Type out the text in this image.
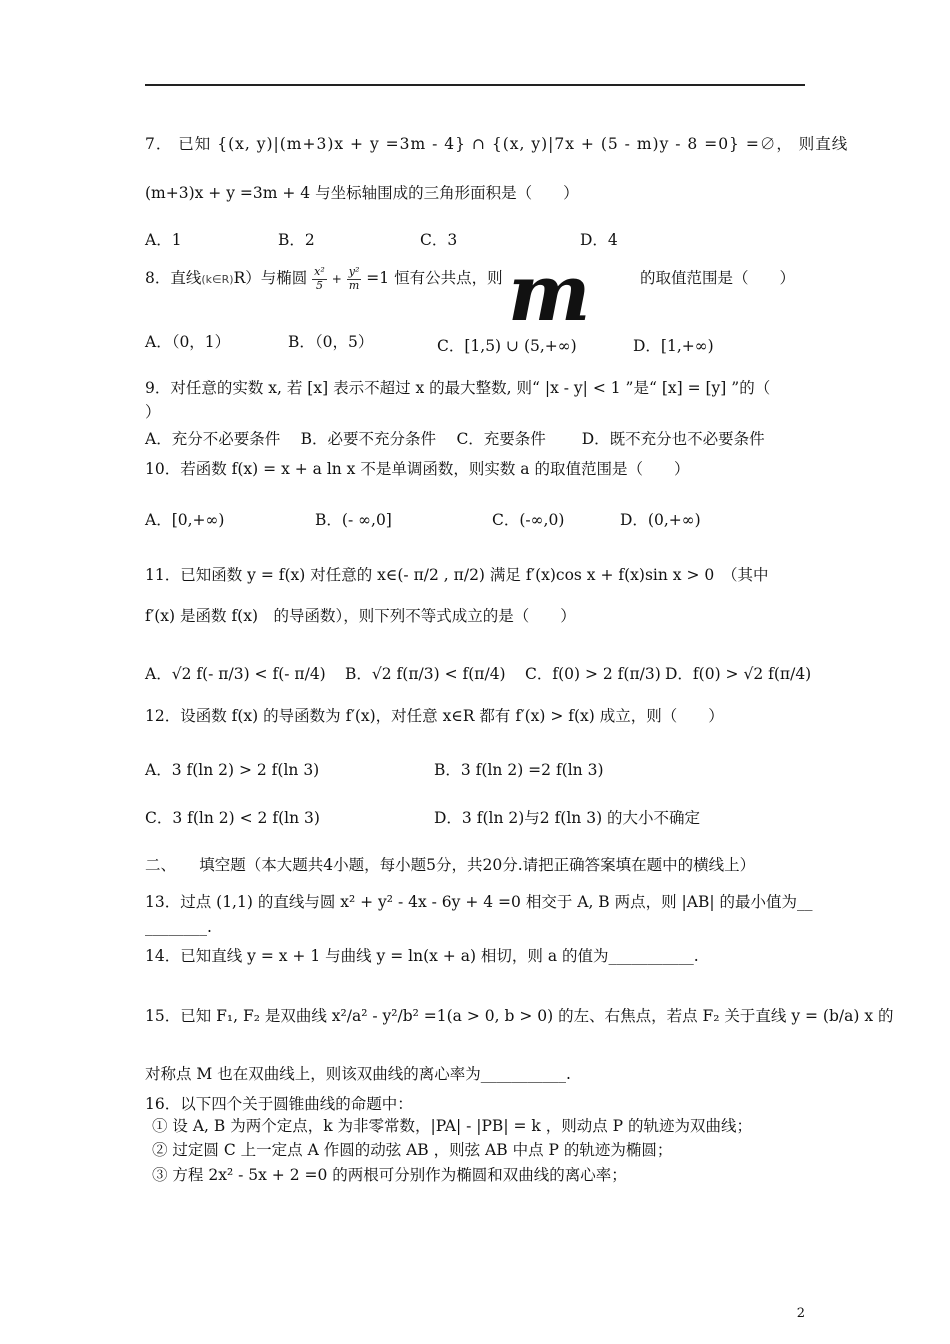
7． 已知 {(x, y)|(m+3)x + y =3m - 4} ∩ {(x, y)|7x + (5 - m)y - 8 =0} =∅， 则直线
(m+3)x + y =3m + 4 与坐标轴围成的三角形面积是（　　）
A．1	B．2	C．3	D．4
8．直线(k∈R)R）与椭圆 $\frac{\text{x²}}{5} + \frac{\text{y²}}{m} =1$ 恒有公共点，则 m	的取值范围是（　　）
A．（0，1）	B．（0，5）	C．[1,5) ∪ (5,+∞)	D．[1,+∞)
9．对任意的实数 x, 若 [x] 表示不超过 x 的最大整数, 则“ |x - y| < 1 ”是“ [x] = [y] ”的（
）
A．充分不必要条件　 B．必要不充分条件　 C．充要条件　　 D．既不充分也不必要条件
10．若函数 f(x) = x + a ln x 不是单调函数，则实数 a 的取值范围是（　　）
A．[0,+∞)	B．(- ∞,0]	C．(-∞,0)	D．(0,+∞)
11．已知函数 y = f(x) 对任意的 x∈(- π/2 , π/2) 满足 f′(x)cos x + f(x)sin x > 0　（其中
f′(x) 是函数 f(x)　的导函数），则下列不等式成立的是（　　）
A．√2 f(- π/3) < f(- π/4) B．√2 f(π/3) < f(π/4) C．f(0) > 2 f(π/3) D．f(0) > √2 f(π/4)
12．设函数 f(x) 的导函数为 f′(x)，对任意 x∈R 都有 f′(x) > f(x) 成立，则（　　）
A．3 f(ln 2) > 2 f(ln 3)	B．3 f(ln 2) =2 f(ln 3)
C．3 f(ln 2) < 2 f(ln 3)	D．3 f(ln 2)与2 f(ln 3) 的大小不确定
二、　　填空题（本大题共4小题，每小题5分，共20分.请把正确答案填在题中的横线上）
13．过点 (1,1) 的直线与圆 x² + y² - 4x - 6y + 4 =0 相交于 A, B 两点，则 |AB| 的最小值为__
________.
14．已知直线 y = x + 1 与曲线 y = ln(x + a) 相切，则 a 的值为___________.
15．已知 F₁, F₂ 是双曲线 x²/a² - y²/b² =1(a > 0, b > 0) 的左、右焦点，若点 F₂ 关于直线 y = (b/a) x 的
对称点 M 也在双曲线上，则该双曲线的离心率为___________.
16．以下四个关于圆锥曲线的命题中：
① 设 A, B 为两个定点，k 为非零常数，|PA| - |PB| = k ，则动点 P 的轨迹为双曲线；
② 过定圆 C 上一定点 A 作圆的动弦 AB ，则弦 AB 中点 P 的轨迹为椭圆；
③ 方程 2x² - 5x + 2 =0 的两根可分别作为椭圆和双曲线的离心率；
2
